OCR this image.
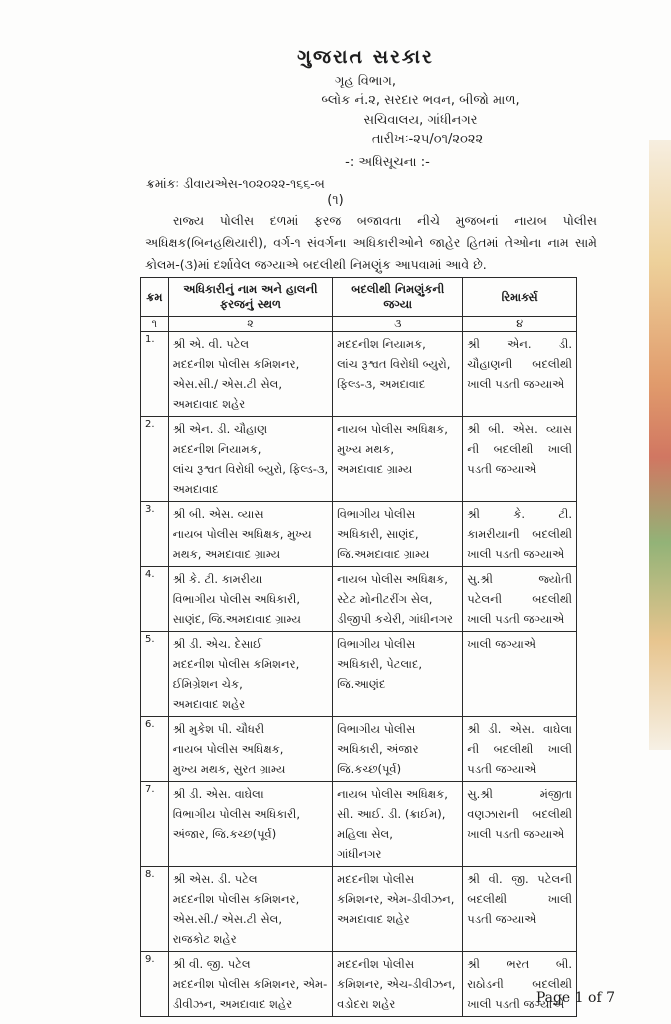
ગુજરાત સરકાર
ગૃહ વિભાગ,
બ્લોક નં.૨, સરદાર ભવન, બીજો માળ,
સચિવાલય, ગાંધીનગર
તારીખઃ-૨૫/૦૧/૨૦૨૨
-: અધિસૂચના :-
ક્રમાંકઃ ડીવાયએસ-૧૦૨૦૨૨-૧૬૬-બ
(૧)
રાજ્ય પોલીસ દળમાં ફરજ બજાવતા નીચે મુજબનાં નાયબ પોલીસ
અધિક્ષક(બિનહથિયારી), વર્ગ-૧ સંવર્ગના અધિકારીઓને જાહેર હિતમાં તેઓના નામ સામે
કોલમ-(૩)માં દર્શાવેલ જગ્યાએ બદલીથી નિમણુંક આપવામાં આવે છે.
ક્રમ	અધિકારીનું નામ અને હાલની ફરજનું સ્થળ	બદલીથી નિમણુંકની જગ્યા	રિમાર્ક્સ
૧	૨	૩	૪
1.	શ્રી એ. વી. પટેલ
મદદનીશ પોલીસ કમિશનર,
એસ.સી./ એસ.ટી સેલ,
અમદાવાદ શહેર	મદદનીશ નિયામક,
લાંચ રૂશ્વત વિરોધી બ્યુરો,
ફિલ્ડ-૩, અમદાવાદ	શ્રી એન. ડી.
ચૌહાણની બદલીથી
ખાલી પડતી જગ્યાએ

2.	શ્રી એન. ડી. ચૌહાણ
મદદનીશ નિયામક,
લાંચ રૂશ્વત વિરોધી બ્યુરો, ફિલ્ડ-૩,
અમદાવાદ	નાયબ પોલીસ અધિક્ષક,
મુખ્ય મથક,
અમદાવાદ ગ્રામ્ય	શ્રી બી. એસ. વ્યાસ
ની બદલીથી ખાલી
પડતી જગ્યાએ

3.	શ્રી બી. એસ. વ્યાસ
નાયબ પોલીસ અધિક્ષક, મુખ્ય
મથક, અમદાવાદ ગ્રામ્ય	વિભાગીય પોલીસ
અધિકારી, સાણંદ,
જિ.અમદાવાદ ગ્રામ્ય	શ્રી કે. ટી.
કામરીયાની બદલીથી
ખાલી પડતી જગ્યાએ

4.	શ્રી કે. ટી. કામરીયા
વિભાગીય પોલીસ અધિકારી,
સાણંદ, જિ.અમદાવાદ ગ્રામ્ય	નાયબ પોલીસ અધિક્ષક,
સ્ટેટ મોનીટરીંગ સેલ,
ડીજીપી કચેરી, ગાંધીનગર	સુ.શ્રી જ્યોતી
પટેલની બદલીથી
ખાલી પડતી જગ્યાએ

5.	શ્રી ડી. એચ. દેસાઈ
મદદનીશ પોલીસ કમિશનર,
ઈમિગ્રેશન ચેક,
અમદાવાદ શહેર	વિભાગીય પોલીસ
અધિકારી, પેટલાદ,
જિ.આણંદ	ખાલી જગ્યાએ

6.	શ્રી મુકેશ પી. ચૌધરી
નાયબ પોલીસ અધિક્ષક,
મુખ્ય મથક, સુરત ગ્રામ્ય	વિભાગીય પોલીસ
અધિકારી, અંજાર
જિ.કચ્છ(પૂર્વ)	શ્રી ડી. એસ. વાઘેલા
ની બદલીથી ખાલી
પડતી જગ્યાએ

7.	શ્રી ડી. એસ. વાઘેલા
વિભાગીય પોલીસ અધિકારી,
અંજાર, જિ.કચ્છ(પૂર્વ)	નાયબ પોલીસ અધિક્ષક,
સી. આઈ. ડી. (ક્રાઈમ),
મહિલા સેલ,
ગાંધીનગર	સુ.શ્રી મંજીતા
વણઝારાની બદલીથી
ખાલી પડતી જગ્યાએ

8.	શ્રી એસ. ડી. પટેલ
મદદનીશ પોલીસ કમિશનર,
એસ.સી./ એસ.ટી સેલ,
રાજકોટ શહેર	મદદનીશ પોલીસ
કમિશનર, એમ-ડીવીઝન,
અમદાવાદ શહેર	શ્રી વી. જી. પટેલની
બદલીથી ખાલી
પડતી જગ્યાએ

9.	શ્રી વી. જી. પટેલ
મદદનીશ પોલીસ કમિશનર, એમ-
ડીવીઝન, અમદાવાદ શહેર	મદદનીશ પોલીસ
કમિશનર, એચ-ડીવીઝન,
વડોદરા શહેર	શ્રી ભરત બી.
રાઠોડની બદલીથી
ખાલી પડતી જગ્યાએ
Page 1 of 7
